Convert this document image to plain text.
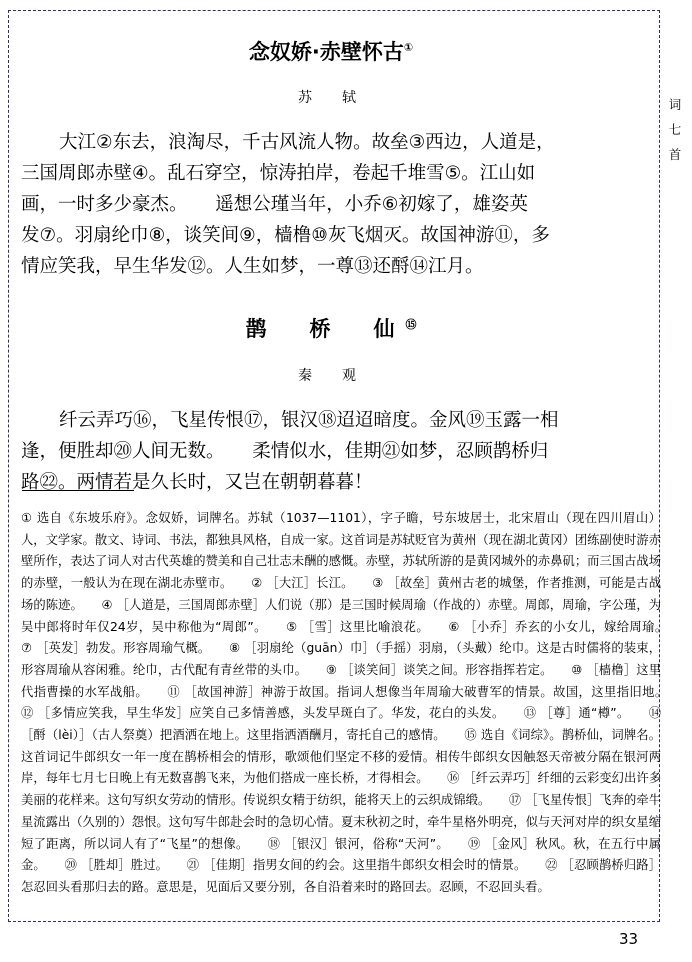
念奴娇·赤壁怀古①
苏　轼
大江②东去，浪淘尽，千古风流人物。故垒③西边，人道是，
三国周郎赤壁④。乱石穿空，惊涛拍岸，卷起千堆雪⑤。江山如
画，一时多少豪杰。　　遥想公瑾当年，小乔⑥初嫁了，雄姿英
发⑦。羽扇纶巾⑧，谈笑间⑨，樯橹⑩灰飞烟灭。故国神游⑪，多
情应笑我，早生华发⑫。人生如梦，一尊⑬还酹⑭江月。
鹊　桥　仙⑮
秦　观
纤云弄巧⑯，飞星传恨⑰，银汉⑱迢迢暗度。金风⑲玉露一相
逢，便胜却⑳人间无数。　　柔情似水，佳期㉑如梦，忍顾鹊桥归
路㉒。两情若是久长时，又岂在朝朝暮暮！
① 选自《东坡乐府》。念奴娇，词牌名。苏轼（1037—1101），字子瞻，号东坡居士，北宋眉山（现在四川眉山）人，文学家。散文、诗词、书法，都独具风格，自成一家。这首词是苏轼贬官为黄州（现在湖北黄冈）团练副使时游赤壁所作，表达了词人对古代英雄的赞美和自己壮志未酬的感慨。赤壁，苏轼所游的是黄冈城外的赤鼻矶；而三国古战场的赤壁，一般认为在现在湖北赤壁市。　　② ［大江］长江。　　③ ［故垒］黄州古老的城堡，作者推测，可能是古战场的陈迹。　　④ ［人道是，三国周郎赤壁］人们说（那）是三国时候周瑜（作战的）赤壁。周郎，周瑜，字公瑾，为吴中郎将时年仅24岁，吴中称他为“周郎”。　　⑤ ［雪］这里比喻浪花。　　⑥ ［小乔］乔玄的小女儿，嫁给周瑜。　　⑦ ［英发］勃发。形容周瑜气概。　　⑧ ［羽扇纶（guān）巾］（手摇）羽扇，（头戴）纶巾。这是古时儒将的装束，形容周瑜从容闲雅。纶巾，古代配有青丝带的头巾。　　⑨ ［谈笑间］谈笑之间。形容指挥若定。　　⑩ ［樯橹］这里代指曹操的水军战船。　　⑪ ［故国神游］神游于故国。指词人想像当年周瑜大破曹军的情景。故国，这里指旧地。　　⑫ ［多情应笑我，早生华发］应笑自己多情善感，头发早斑白了。华发，花白的头发。　　⑬ ［尊］通“樽”。　　⑭ ［酹（lèi）］（古人祭奠）把酒洒在地上。这里指洒酒酬月，寄托自己的感情。　　⑮ 选自《词综》。鹊桥仙，词牌名。这首词记牛郎织女一年一度在鹊桥相会的情形，歌颂他们坚定不移的爱情。相传牛郎织女因触怒天帝被分隔在银河两岸，每年七月七日晚上有无数喜鹊飞来，为他们搭成一座长桥，才得相会。　　⑯ ［纤云弄巧］纤细的云彩变幻出许多美丽的花样来。这句写织女劳动的情形。传说织女精于纺织，能将天上的云织成锦缎。　　⑰ ［飞星传恨］飞奔的牵牛星流露出（久别的）怨恨。这句写牛郎赴会时的急切心情。夏末秋初之时，牵牛星格外明亮，似与天河对岸的织女星缩短了距离，所以词人有了“飞星”的想像。　　⑱ ［银汉］银河，俗称“天河”。　　⑲ ［金风］秋风。秋，在五行中属金。　　⑳ ［胜却］胜过。　　㉑ ［佳期］指男女间的约会。这里指牛郎织女相会时的情景。　　㉒ ［忍顾鹊桥归路］怎忍回头看那归去的路。意思是，见面后又要分别，各自沿着来时的路回去。忍顾，不忍回头看。
词
七
首
33
